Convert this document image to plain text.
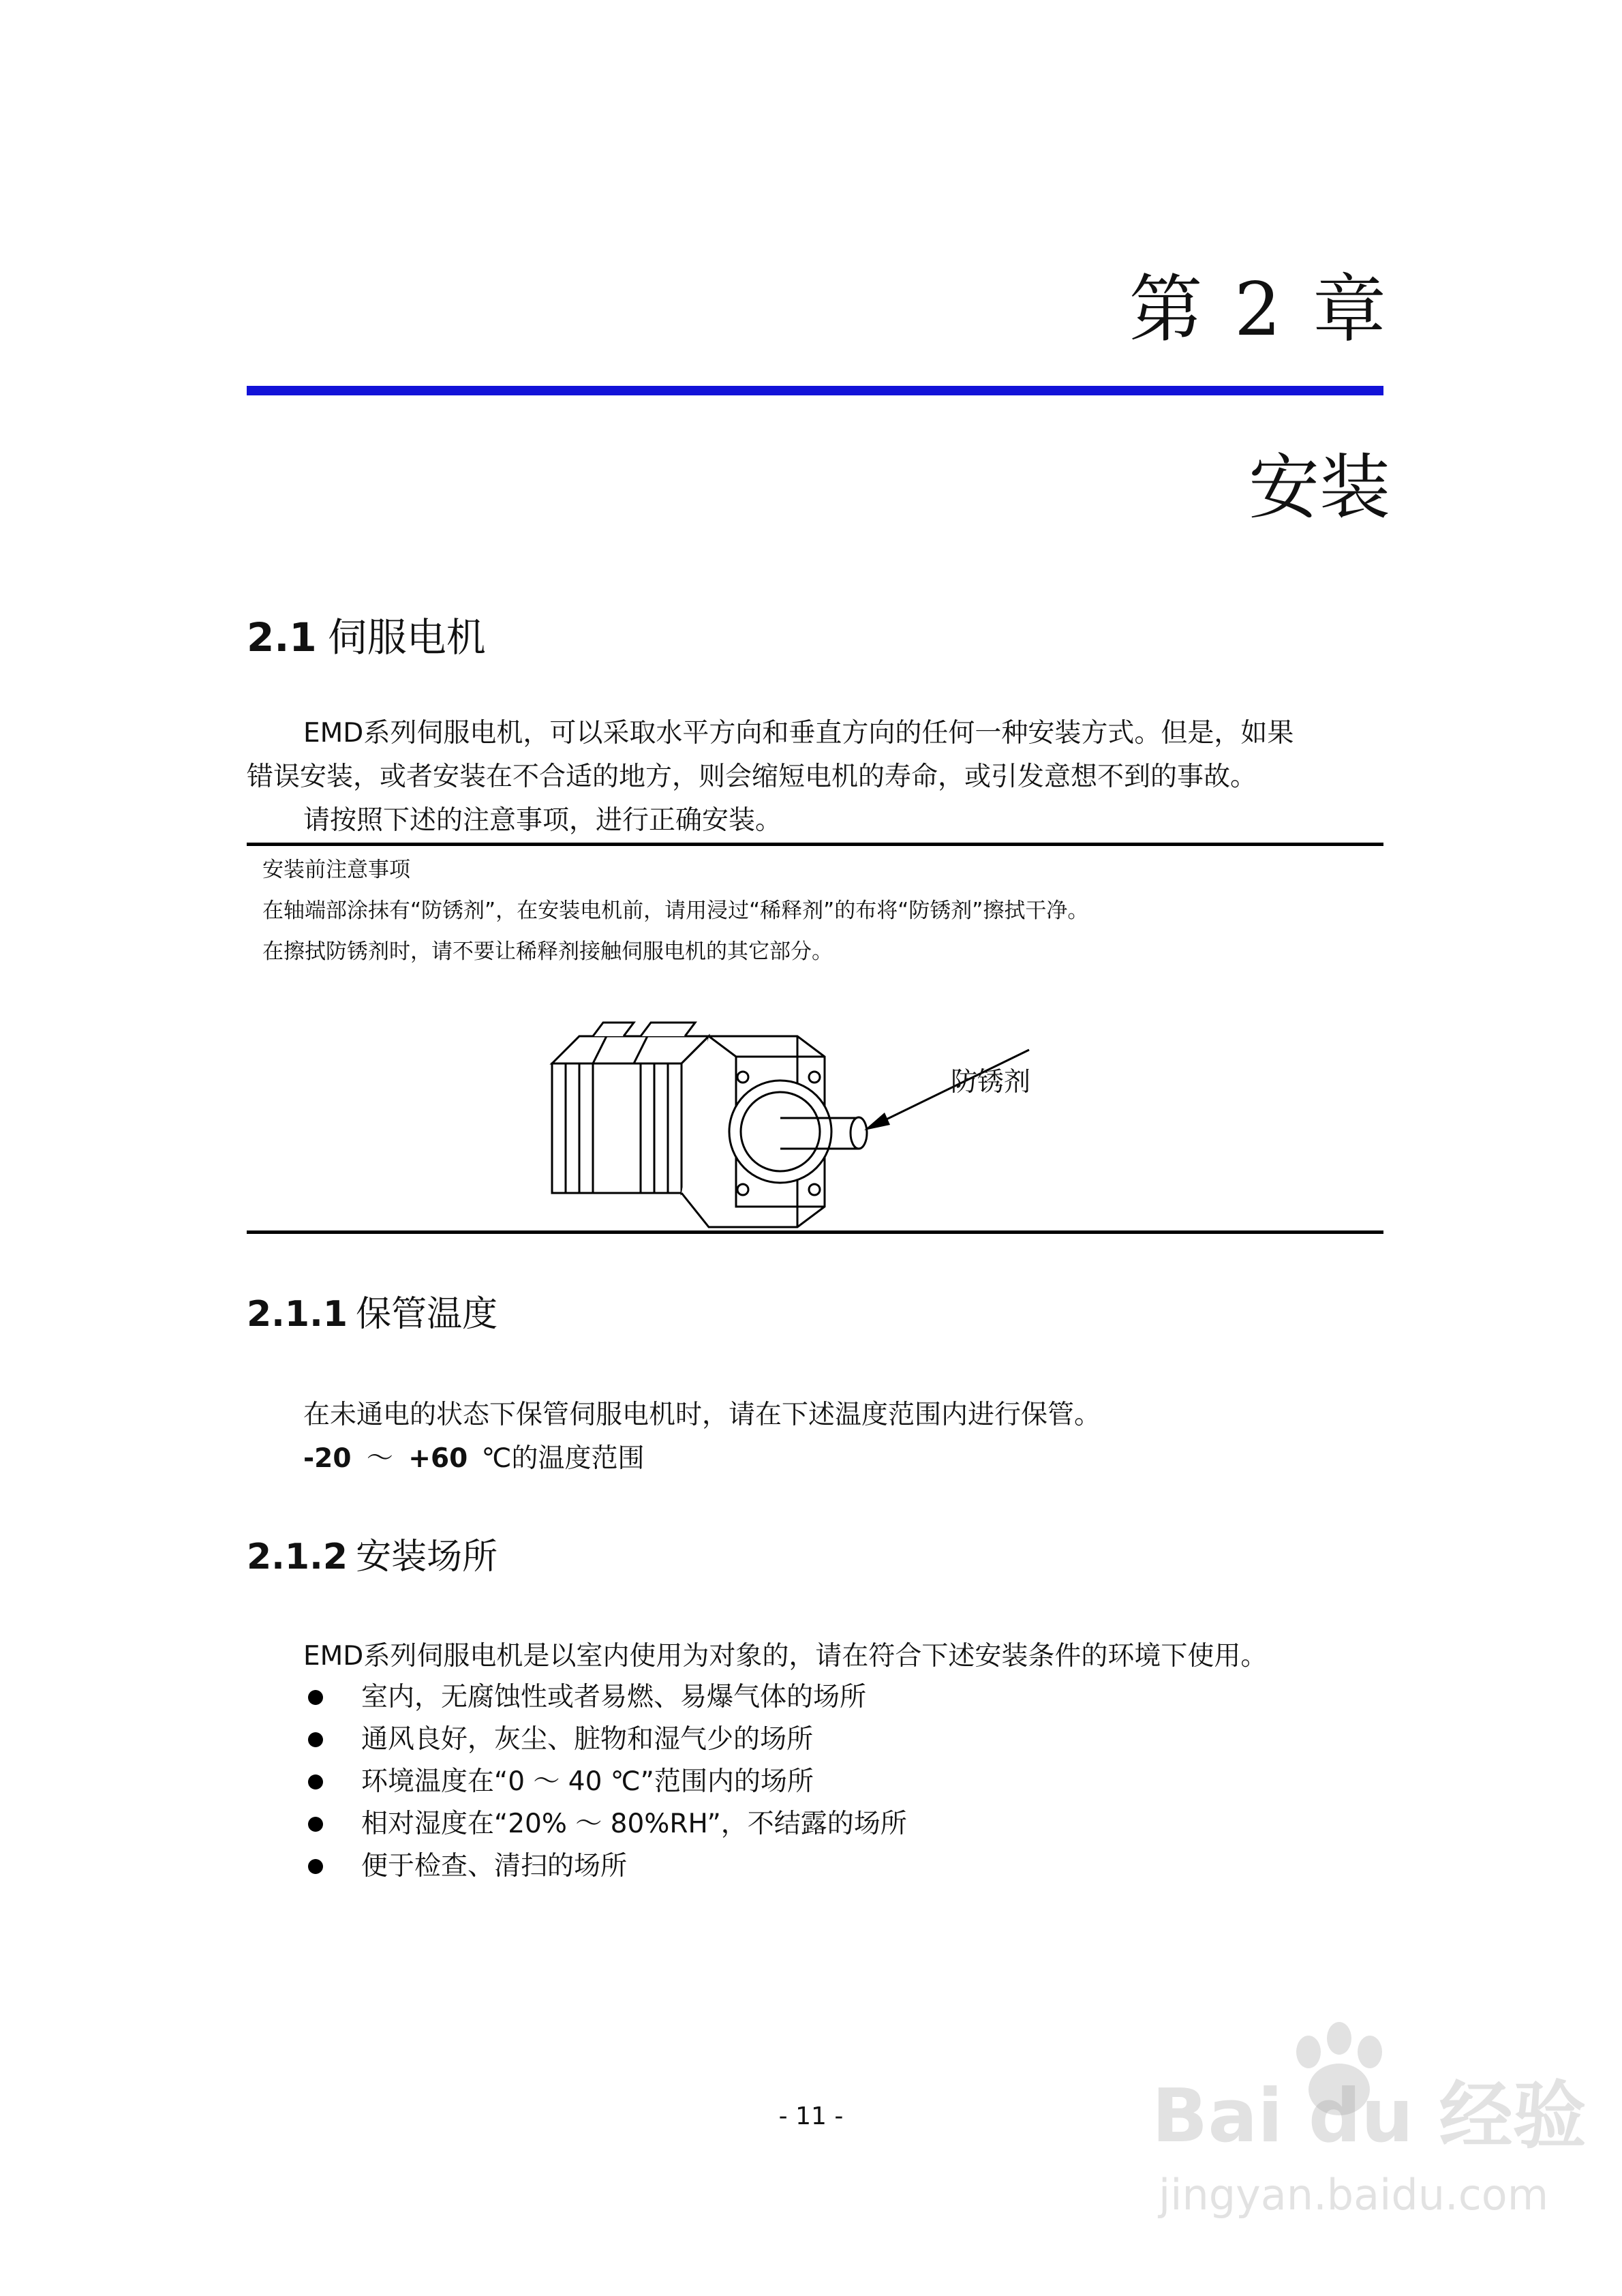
第 2 章
安装
2.1 伺服电机
EMD系列伺服电机，可以采取水平方向和垂直方向的任何一种安装方式。但是，如果
错误安装，或者安装在不合适的地方，则会缩短电机的寿命，或引发意想不到的事故。
请按照下述的注意事项，进行正确安装。
安装前注意事项
在轴端部涂抹有“防锈剂”，在安装电机前，请用浸过“稀释剂”的布将“防锈剂”擦拭干净。
在擦拭防锈剂时，请不要让稀释剂接触伺服电机的其它部分。
防锈剂
2.1.1 保管温度
在未通电的状态下保管伺服电机时，请在下述温度范围内进行保管。
-20 ～ +60 ℃的温度范围
2.1.2 安装场所
EMD系列伺服电机是以室内使用为对象的，请在符合下述安装条件的环境下使用。
室内，无腐蚀性或者易燃、易爆气体的场所
通风良好，灰尘、脏物和湿气少的场所
环境温度在“0 ～ 40 ℃”范围内的场所
相对湿度在“20% ～ 80%RH”，不结露的场所
便于检查、清扫的场所
- 11 -	Bai du 经验
jingyan.baidu.com
